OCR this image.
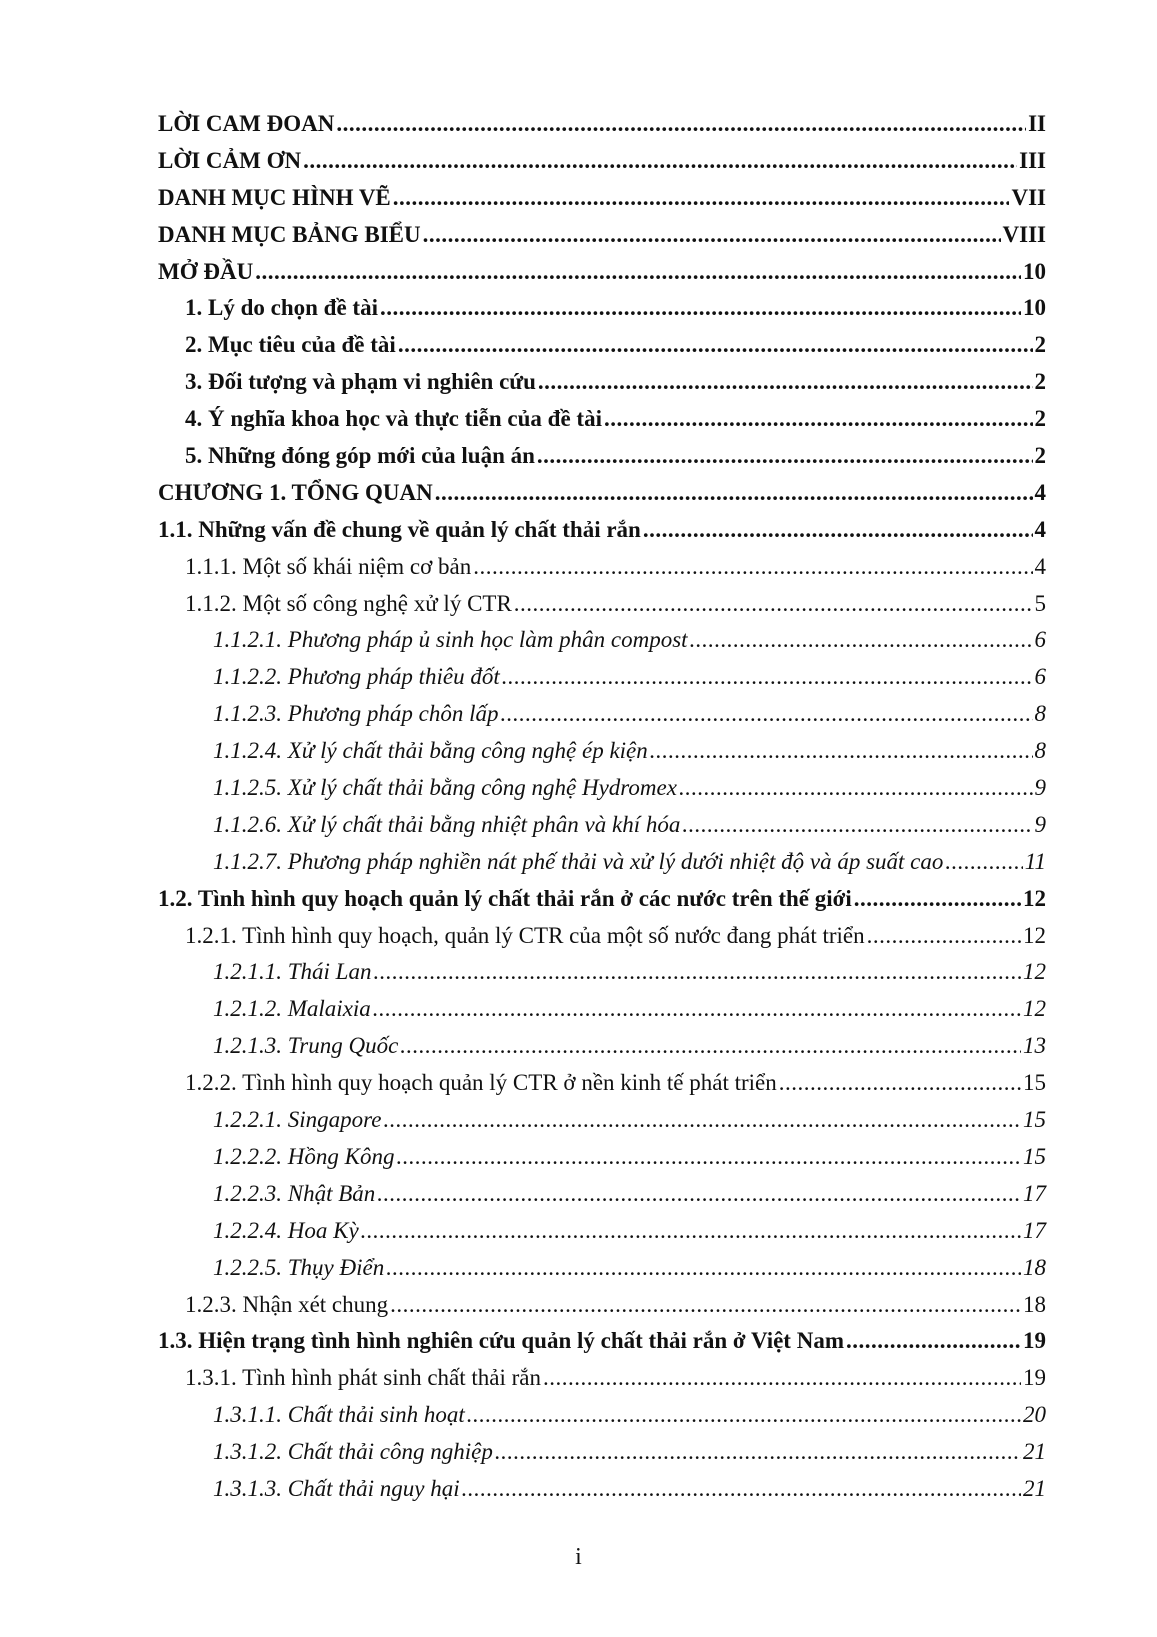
LỜI CAM ĐOAN .....	II
LỜI CẢM ƠN .....	III
DANH MỤC HÌNH VẼ .....	VII
DANH MỤC BẢNG BIỂU .....	VIII
MỞ ĐẦU .....	10
1. Lý do chọn đề tài .....	10
2. Mục tiêu của đề tài .....	2
3. Đối tượng và phạm vi nghiên cứu .....	2
4. Ý nghĩa khoa học và thực tiễn của đề tài .....	2
5. Những đóng góp mới của luận án .....	2
CHƯƠNG 1. TỔNG QUAN .....	4
1.1. Những vấn đề chung về quản lý chất thải rắn .....	4
1.1.1. Một số khái niệm cơ bản .....	4
1.1.2. Một số công nghệ xử lý CTR .....	5
1.1.2.1. Phương pháp ủ sinh học làm phân compost .....	6
1.1.2.2. Phương pháp thiêu đốt .....	6
1.1.2.3. Phương pháp chôn lấp .....	8
1.1.2.4. Xử lý chất thải bằng công nghệ ép kiện .....	8
1.1.2.5. Xử lý chất thải bằng công nghệ Hydromex .....	9
1.1.2.6. Xử lý chất thải bằng nhiệt phân và khí hóa .....	9
1.1.2.7. Phương pháp nghiền nát phế thải và xử lý dưới nhiệt độ và áp suất cao .....	11
1.2. Tình hình quy hoạch quản lý chất thải rắn ở các nước trên thế giới .....	12
1.2.1. Tình hình quy hoạch, quản lý CTR của một số nước đang phát triển .....	12
1.2.1.1. Thái Lan .....	12
1.2.1.2. Malaixia .....	12
1.2.1.3. Trung Quốc .....	13
1.2.2. Tình hình quy hoạch quản lý CTR ở nền kinh tế phát triển .....	15
1.2.2.1. Singapore .....	15
1.2.2.2. Hồng Kông .....	15
1.2.2.3. Nhật Bản .....	17
1.2.2.4. Hoa Kỳ .....	17
1.2.2.5. Thụy Điển .....	18
1.2.3. Nhận xét chung .....	18
1.3. Hiện trạng tình hình nghiên cứu quản lý chất thải rắn ở Việt Nam .....	19
1.3.1. Tình hình phát sinh chất thải rắn .....	19
1.3.1.1. Chất thải sinh hoạt .....	20
1.3.1.2. Chất thải công nghiệp .....	21
1.3.1.3. Chất thải nguy hại .....	21
i
